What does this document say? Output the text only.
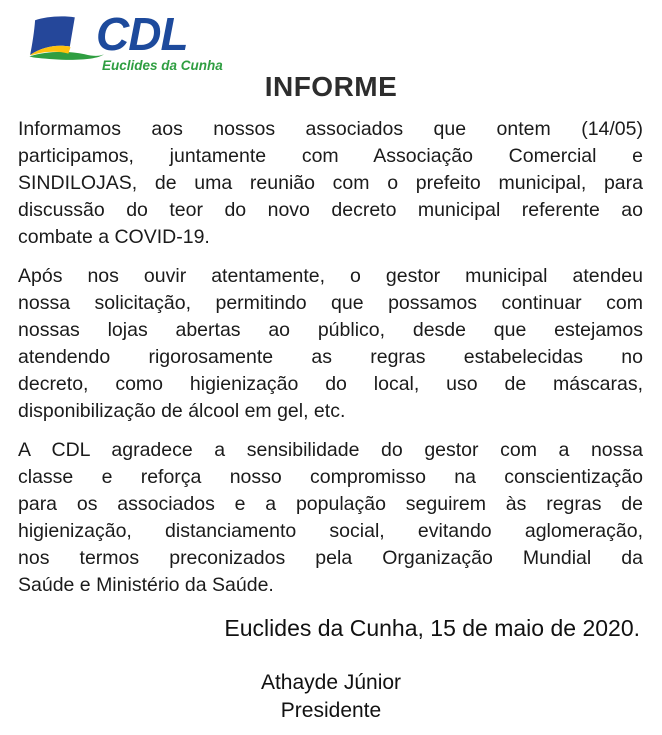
CDL
Euclides da Cunha
INFORME
Informamos aos nossos associados que ontem (14/05)
participamos, juntamente com Associação Comercial e
SINDILOJAS, de uma reunião com o prefeito municipal, para
discussão do teor do novo decreto municipal referente ao
combate a COVID-19.
Após nos ouvir atentamente, o gestor municipal atendeu
nossa solicitação, permitindo que possamos continuar com
nossas lojas abertas ao público, desde que estejamos
atendendo rigorosamente as regras estabelecidas no
decreto, como higienização do local, uso de máscaras,
disponibilização de álcool em gel, etc.
A CDL agradece a sensibilidade do gestor com a nossa
classe e reforça nosso compromisso na conscientização
para os associados e a população seguirem às regras de
higienização, distanciamento social, evitando aglomeração,
nos termos preconizados pela Organização Mundial da
Saúde e Ministério da Saúde.
Euclides da Cunha, 15 de maio de 2020.
Athayde Júnior
Presidente
